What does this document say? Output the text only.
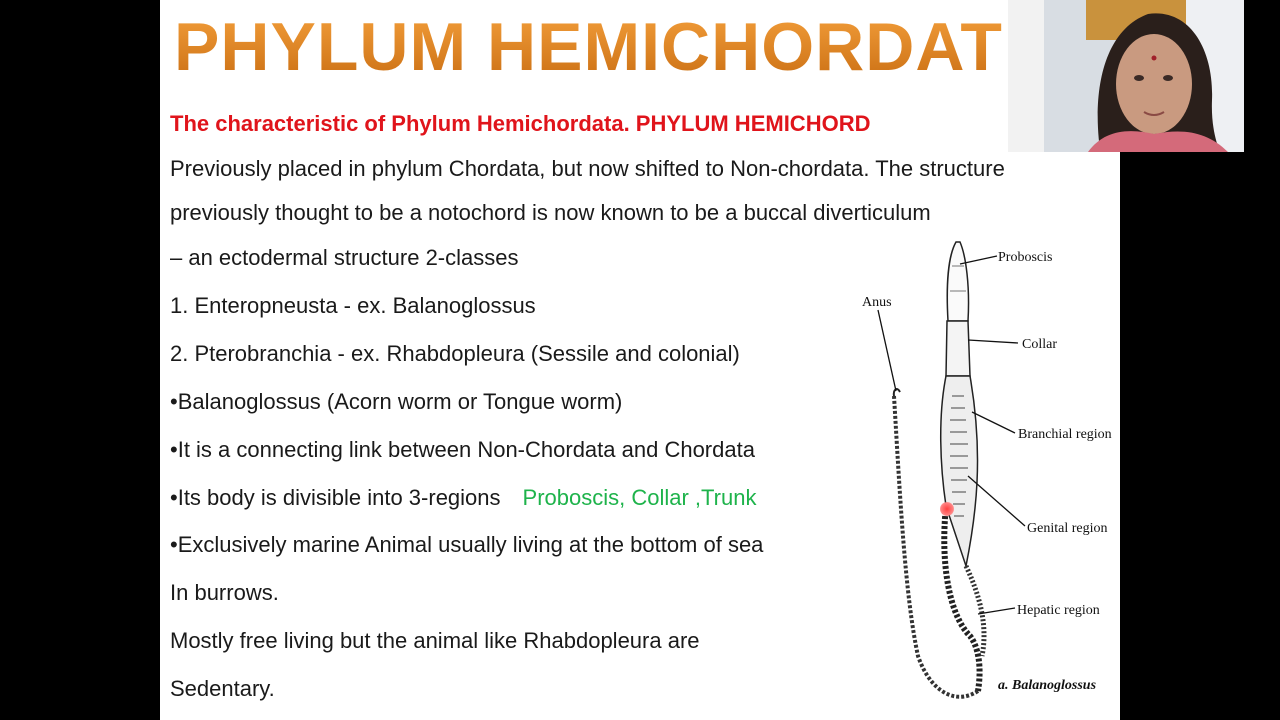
PHYLUM HEMICHORDAT
The characteristic of Phylum Hemichordata. PHYLUM HEMICHORD
Previously placed in phylum Chordata, but now shifted to Non-chordata. The structure
previously thought to be a notochord is now known to be a buccal diverticulum
– an ectodermal structure 2-classes
1. Enteropneusta - ex. Balanoglossus
2. Pterobranchia - ex. Rhabdopleura (Sessile and colonial)
•Balanoglossus (Acorn worm or Tongue worm)
•It is a connecting link between Non-Chordata and Chordata
•Its body is divisible into 3-regions Proboscis, Collar ,Trunk
•Exclusively marine Animal usually living at the bottom of sea
In burrows.
Mostly free living but the animal like Rhabdopleura are
Sedentary.
Proboscis
Collar
Anus
Branchial region
Genital region
Hepatic region
a. Balanoglossus
